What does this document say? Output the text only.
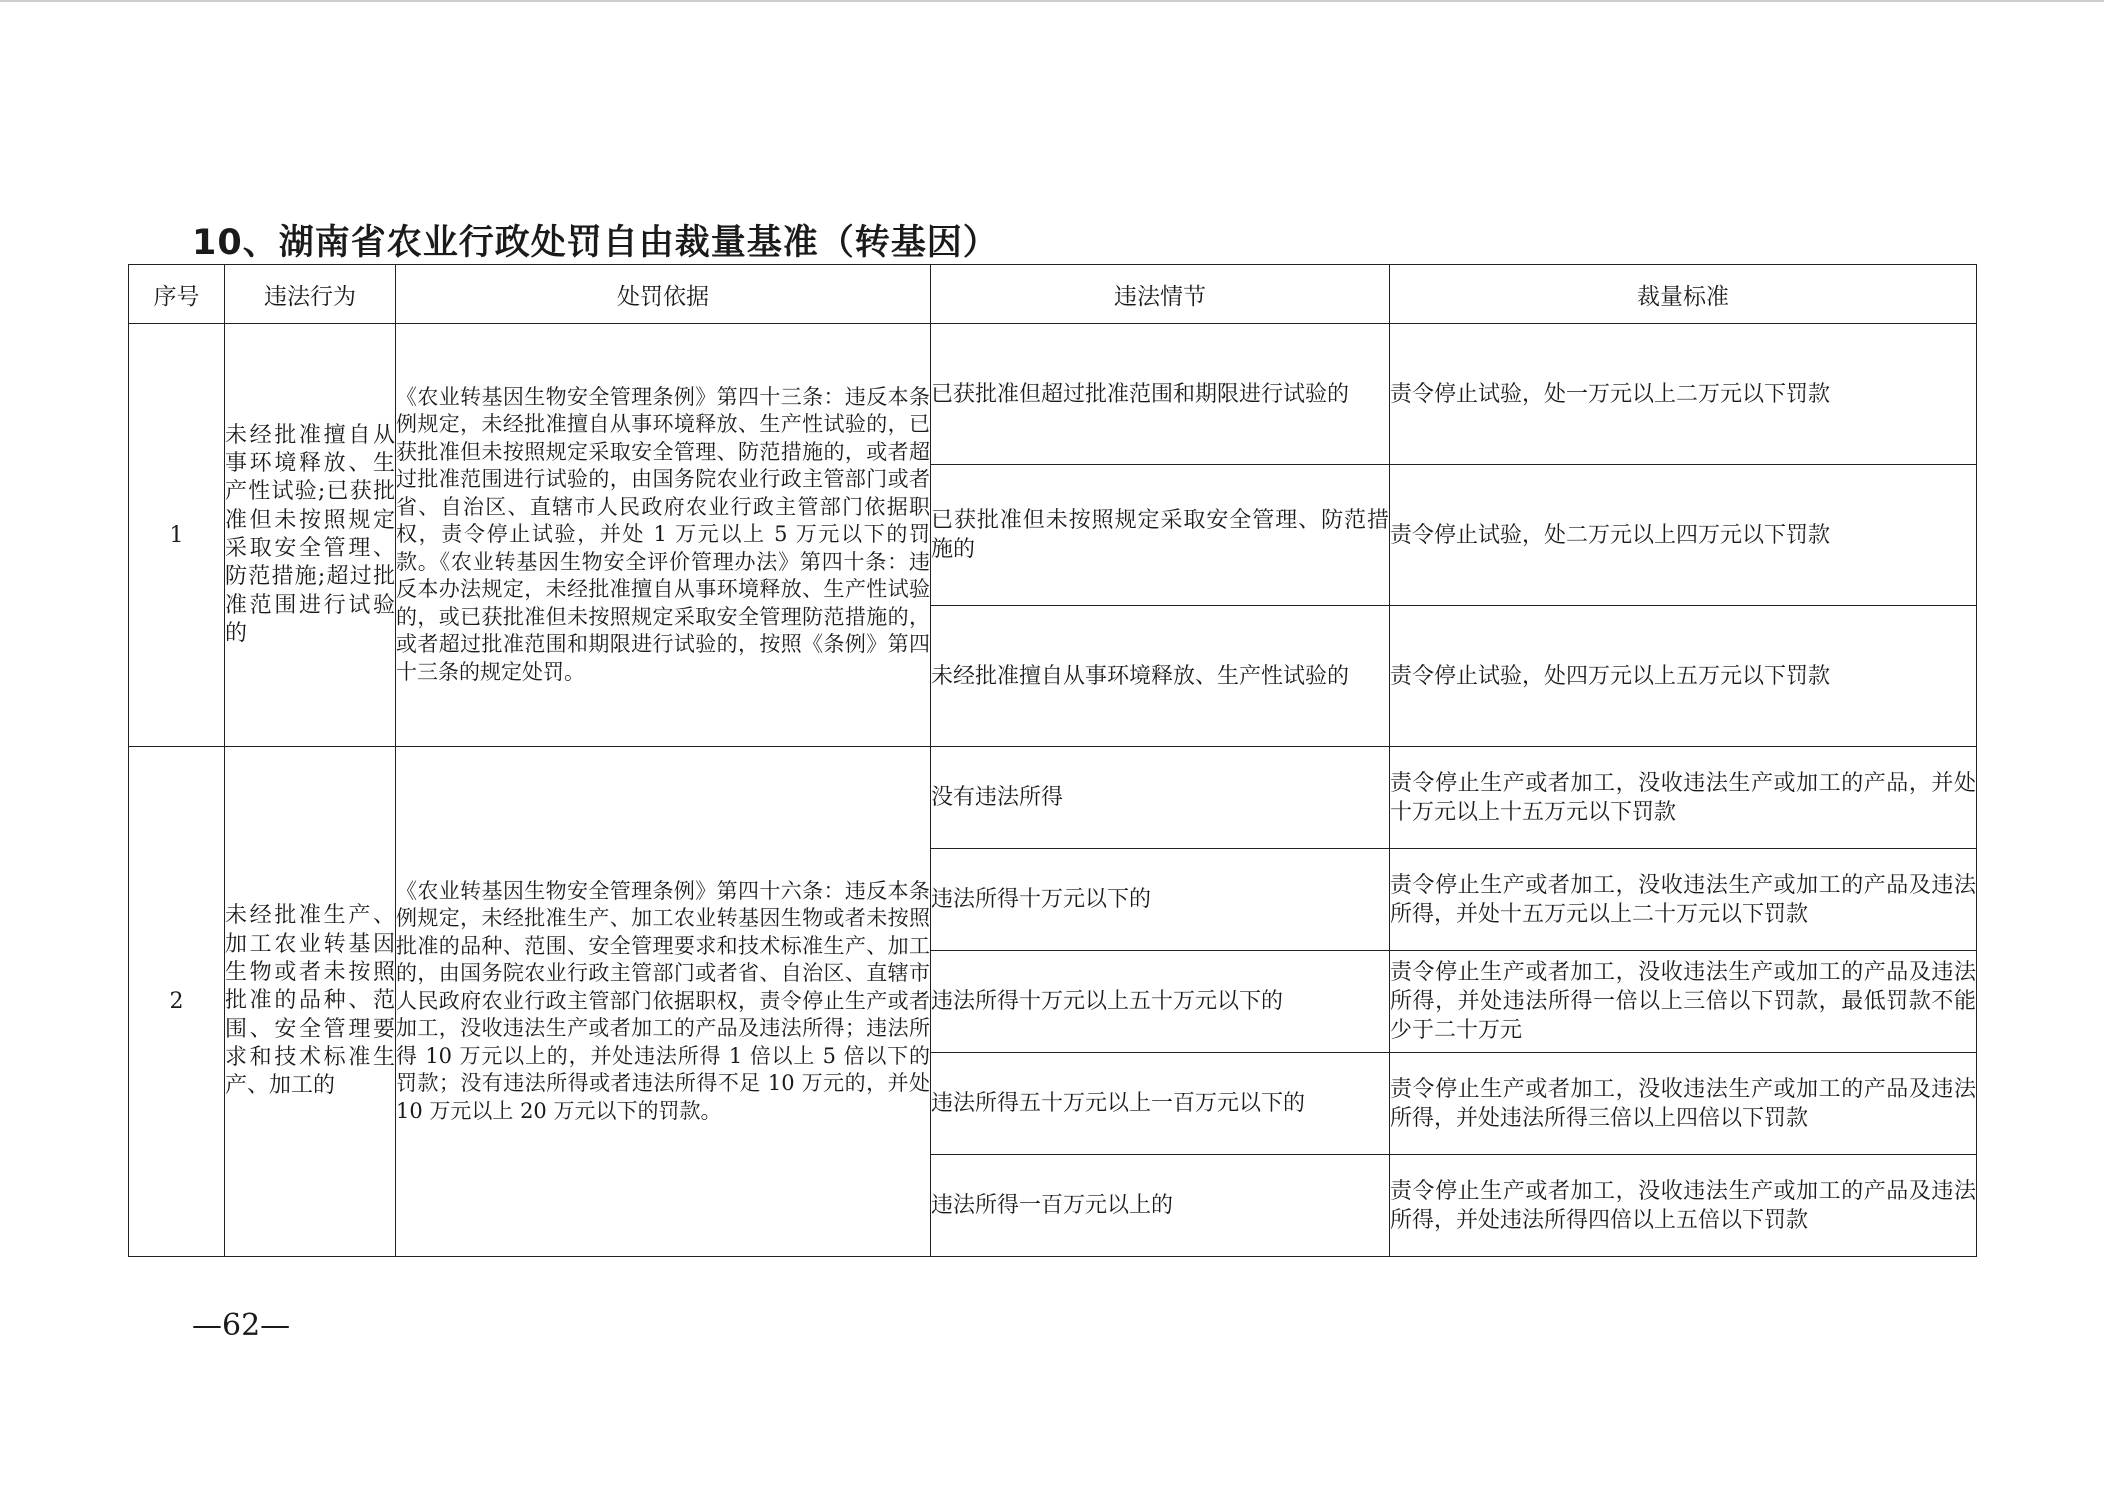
10、湖南省农业行政处罚自由裁量基准（转基因）
序号	违法行为	处罚依据	违法情节	裁量标准
1	未经批准擅自从事环境释放、生产性试验;已获批准但未按照规定采取安全管理、防范措施;超过批准范围进行试验的	《农业转基因生物安全管理条例》第四十三条：违反本条例规定，未经批准擅自从事环境释放、生产性试验的，已获批准但未按照规定采取安全管理、防范措施的，或者超过批准范围进行试验的，由国务院农业行政主管部门或者省、自治区、直辖市人民政府农业行政主管部门依据职权，责令停止试验，并处 1 万元以上 5 万元以下的罚款。《农业转基因生物安全评价管理办法》第四十条：违反本办法规定，未经批准擅自从事环境释放、生产性试验的，或已获批准但未按照规定采取安全管理防范措施的，或者超过批准范围和期限进行试验的，按照《条例》第四十三条的规定处罚。	已获批准但超过批准范围和期限进行试验的	责令停止试验，处一万元以上二万元以下罚款
			已获批准但未按照规定采取安全管理、防范措施的	责令停止试验，处二万元以上四万元以下罚款
			未经批准擅自从事环境释放、生产性试验的	责令停止试验，处四万元以上五万元以下罚款
2	未经批准生产、加工农业转基因生物或者未按照批准的品种、范围、安全管理要求和技术标准生产、加工的	《农业转基因生物安全管理条例》第四十六条：违反本条例规定，未经批准生产、加工农业转基因生物或者未按照批准的品种、范围、安全管理要求和技术标准生产、加工的，由国务院农业行政主管部门或者省、自治区、直辖市人民政府农业行政主管部门依据职权，责令停止生产或者加工，没收违法生产或者加工的产品及违法所得；违法所得 10 万元以上的，并处违法所得 1 倍以上 5 倍以下的罚款；没有违法所得或者违法所得不足 10 万元的，并处 10 万元以上 20 万元以下的罚款。	没有违法所得	责令停止生产或者加工，没收违法生产或加工的产品，并处十万元以上十五万元以下罚款
			违法所得十万元以下的	责令停止生产或者加工，没收违法生产或加工的产品及违法所得，并处十五万元以上二十万元以下罚款
			违法所得十万元以上五十万元以下的	责令停止生产或者加工，没收违法生产或加工的产品及违法所得，并处违法所得一倍以上三倍以下罚款，最低罚款不能少于二十万元
			违法所得五十万元以上一百万元以下的	责令停止生产或者加工，没收违法生产或加工的产品及违法所得，并处违法所得三倍以上四倍以下罚款
			违法所得一百万元以上的	责令停止生产或者加工，没收违法生产或加工的产品及违法所得，并处违法所得四倍以上五倍以下罚款
—62—
